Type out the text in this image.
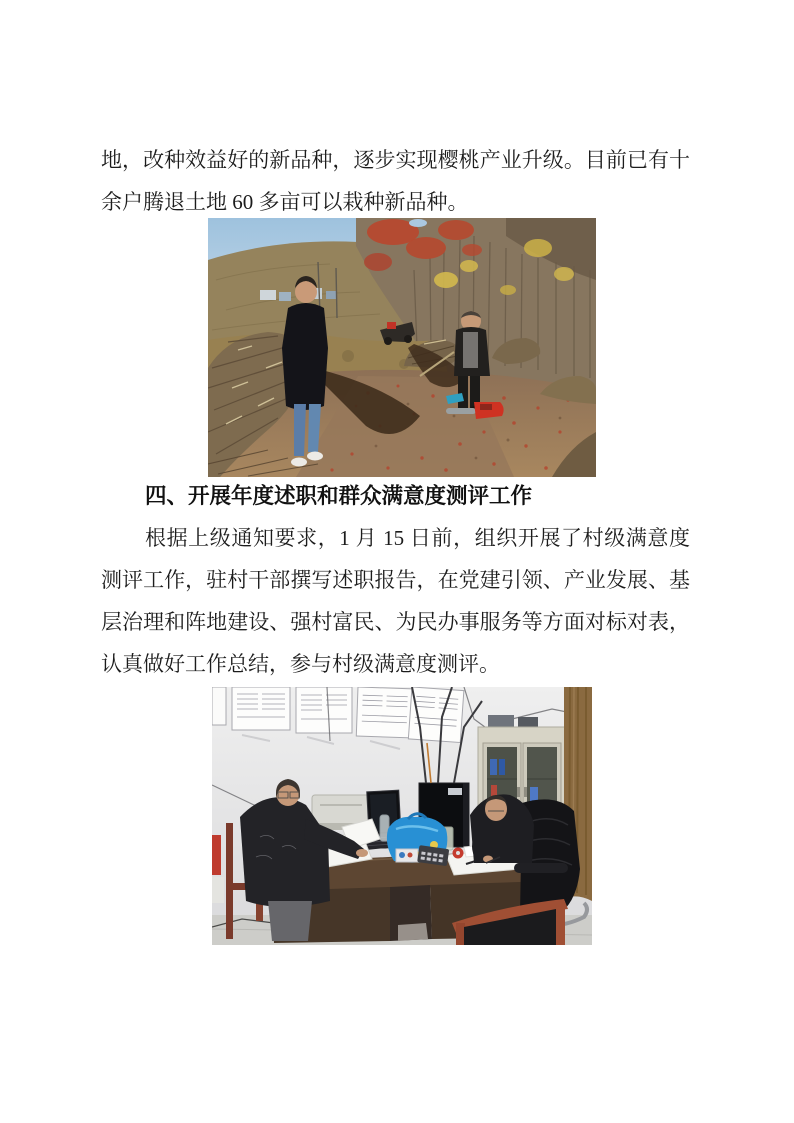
地，改种效益好的新品种，逐步实现樱桃产业升级。目前已有十余户腾退土地 60 多亩可以栽种新品种。

四、开展年度述职和群众满意度测评工作

根据上级通知要求，1 月 15 日前，组织开展了村级满意度测评工作，驻村干部撰写述职报告，在党建引领、产业发展、基层治理和阵地建设、强村富民、为民办事服务等方面对标对表，认真做好工作总结，参与村级满意度测评。
